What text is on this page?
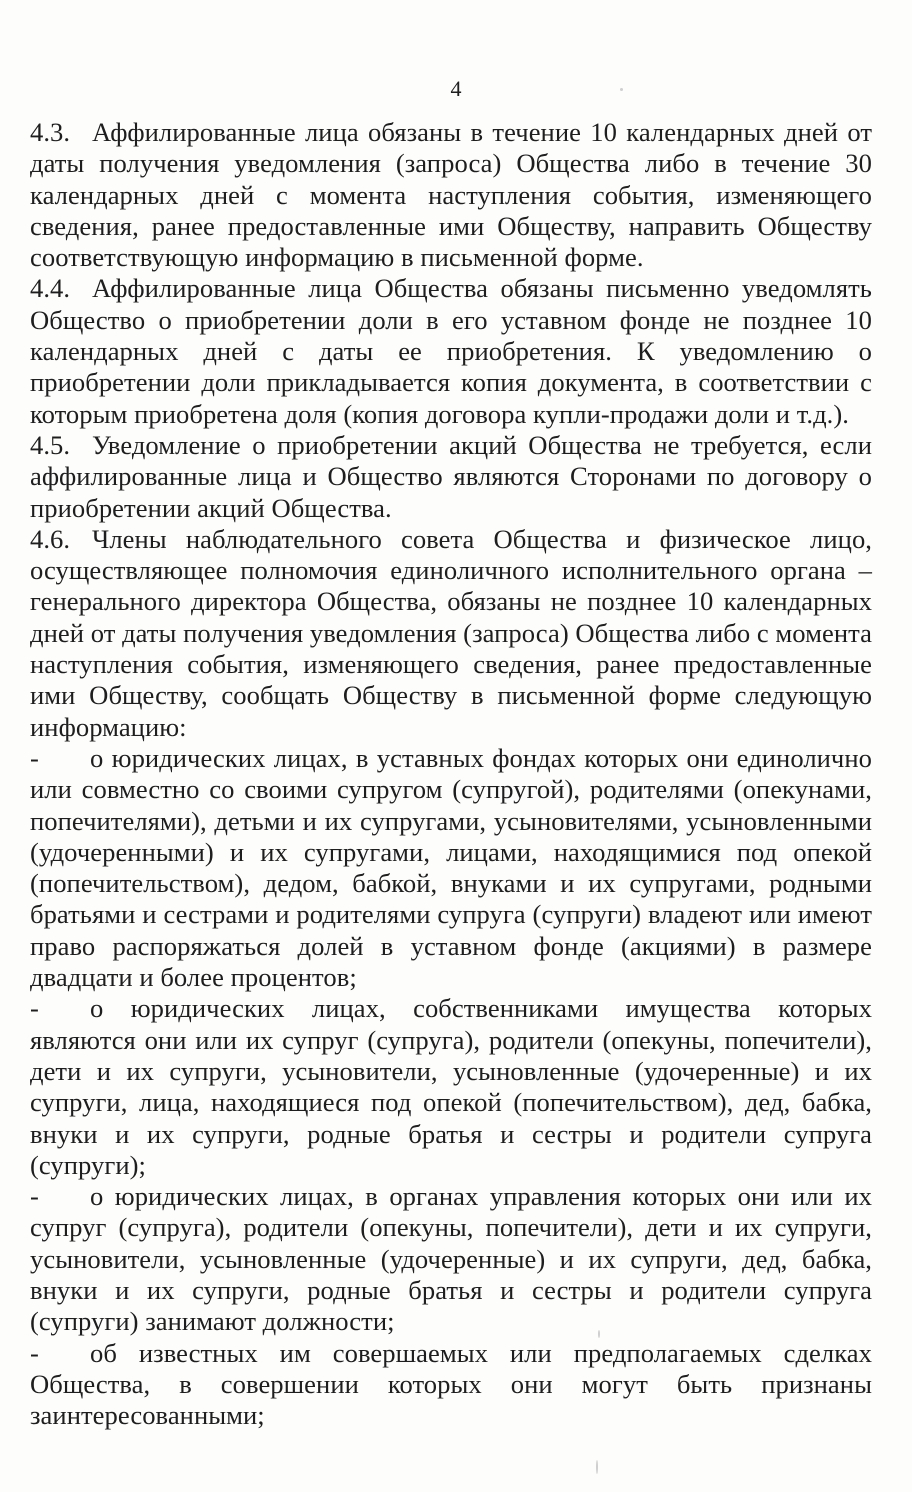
4

4.3. Аффилированные лица обязаны в течение 10 календарных дней от даты получения уведомления (запроса) Общества либо в течение 30 календарных дней с момента наступления события, изменяющего сведения, ранее предоставленные ими Обществу, направить Обществу соответствующую информацию в письменной форме.

4.4. Аффилированные лица Общества обязаны письменно уведомлять Общество о приобретении доли в его уставном фонде не позднее 10 календарных дней с даты ее приобретения. К уведомлению о приобретении доли прикладывается копия документа, в соответствии с которым приобретена доля (копия договора купли-продажи доли и т.д.).

4.5. Уведомление о приобретении акций Общества не требуется, если аффилированные лица и Общество являются Сторонами по договору о приобретении акций Общества.

4.6. Члены наблюдательного совета Общества и физическое лицо, осуществляющее полномочия единоличного исполнительного органа – генерального директора Общества, обязаны не позднее 10 календарных дней от даты получения уведомления (запроса) Общества либо с момента наступления события, изменяющего сведения, ранее предоставленные ими Обществу, сообщать Обществу в письменной форме следующую информацию:

- о юридических лицах, в уставных фондах которых они единолично или совместно со своими супругом (супругой), родителями (опекунами, попечителями), детьми и их супругами, усыновителями, усыновленными (удочеренными) и их супругами, лицами, находящимися под опекой (попечительством), дедом, бабкой, внуками и их супругами, родными братьями и сестрами и родителями супруга (супруги) владеют или имеют право распоряжаться долей в уставном фонде (акциями) в размере двадцати и более процентов;

- о юридических лицах, собственниками имущества которых являются они или их супруг (супруга), родители (опекуны, попечители), дети и их супруги, усыновители, усыновленные (удочеренные) и их супруги, лица, находящиеся под опекой (попечительством), дед, бабка, внуки и их супруги, родные братья и сестры и родители супруга (супруги);

- о юридических лицах, в органах управления которых они или их супруг (супруга), родители (опекуны, попечители), дети и их супруги, усыновители, усыновленные (удочеренные) и их супруги, дед, бабка, внуки и их супруги, родные братья и сестры и родители супруга (супруги) занимают должности;

- об известных им совершаемых или предполагаемых сделках Общества, в совершении которых они могут быть признаны заинтересованными;
